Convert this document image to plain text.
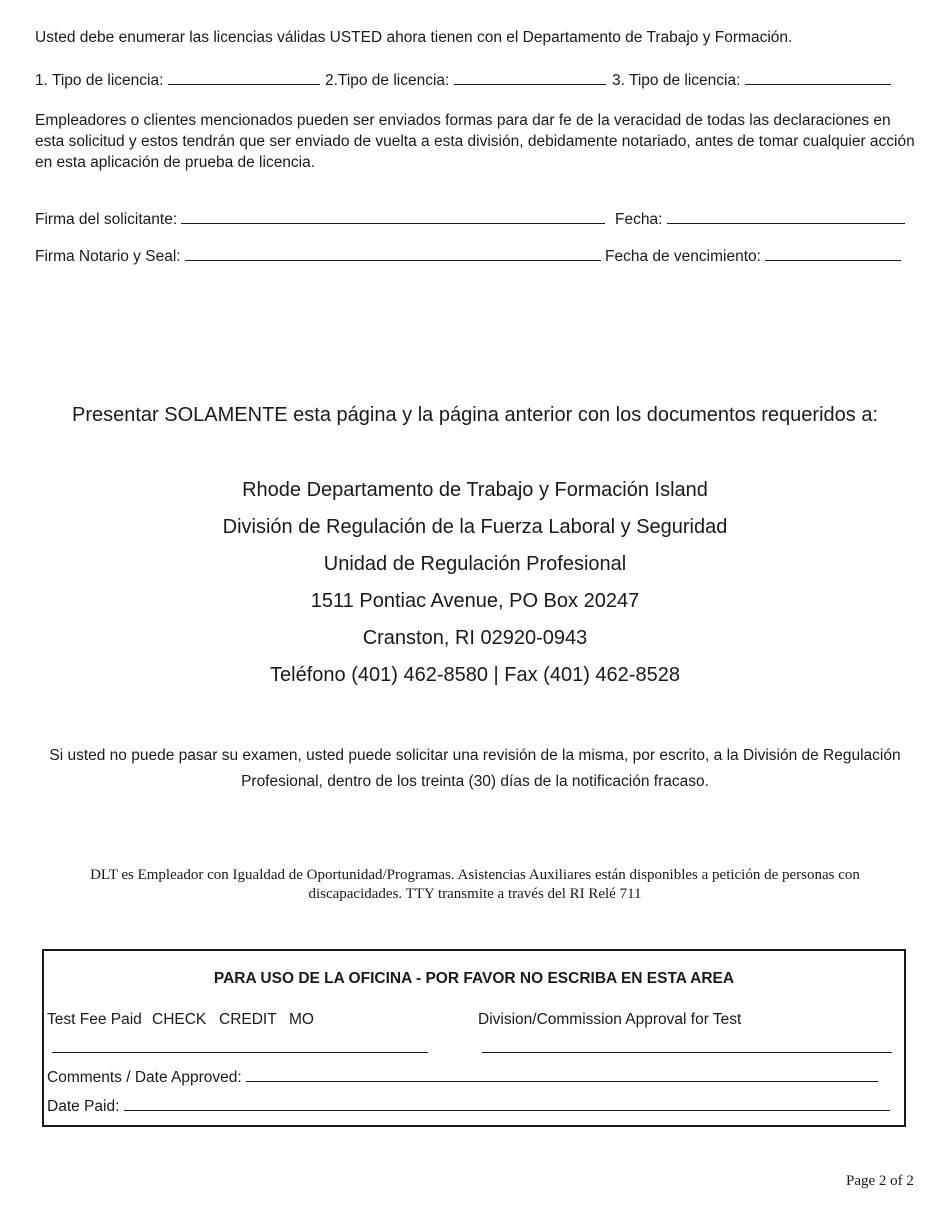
Usted debe enumerar las licencias válidas USTED ahora tienen con el Departamento de Trabajo y Formación.
1. Tipo de licencia:	2.Tipo de licencia:	3. Tipo de licencia:
Empleadores o clientes mencionados pueden ser enviados formas para dar fe de la veracidad de todas las declaraciones en esta solicitud y estos tendrán que ser enviado de vuelta a esta división, debidamente notariado, antes de tomar cualquier acción en esta aplicación de prueba de licencia.
Firma del solicitante:	Fecha:
Firma Notario y Seal:	Fecha de vencimiento:
Presentar SOLAMENTE esta página y la página anterior con los documentos requeridos a:
Rhode Departamento de Trabajo y Formación Island
División de Regulación de la Fuerza Laboral y Seguridad
Unidad de Regulación Profesional
1511 Pontiac Avenue, PO Box 20247
Cranston, RI 02920-0943
Teléfono (401) 462-8580 | Fax (401) 462-8528
Si usted no puede pasar su examen, usted puede solicitar una revisión de la misma, por escrito, a la División de Regulación
Profesional, dentro de los treinta (30) días de la notificación fracaso.
DLT es Empleador con Igualdad de Oportunidad/Programas. Asistencias Auxiliares están disponibles a petición de personas con
discapacidades. TTY transmite a través del RI Relé 711
PARA USO DE LA OFICINA - POR FAVOR NO ESCRIBA EN ESTA AREA
Test Fee Paid CHECK CREDIT MO	Division/Commission Approval for Test
Comments / Date Approved:
Date Paid:
Page 2 of 2
